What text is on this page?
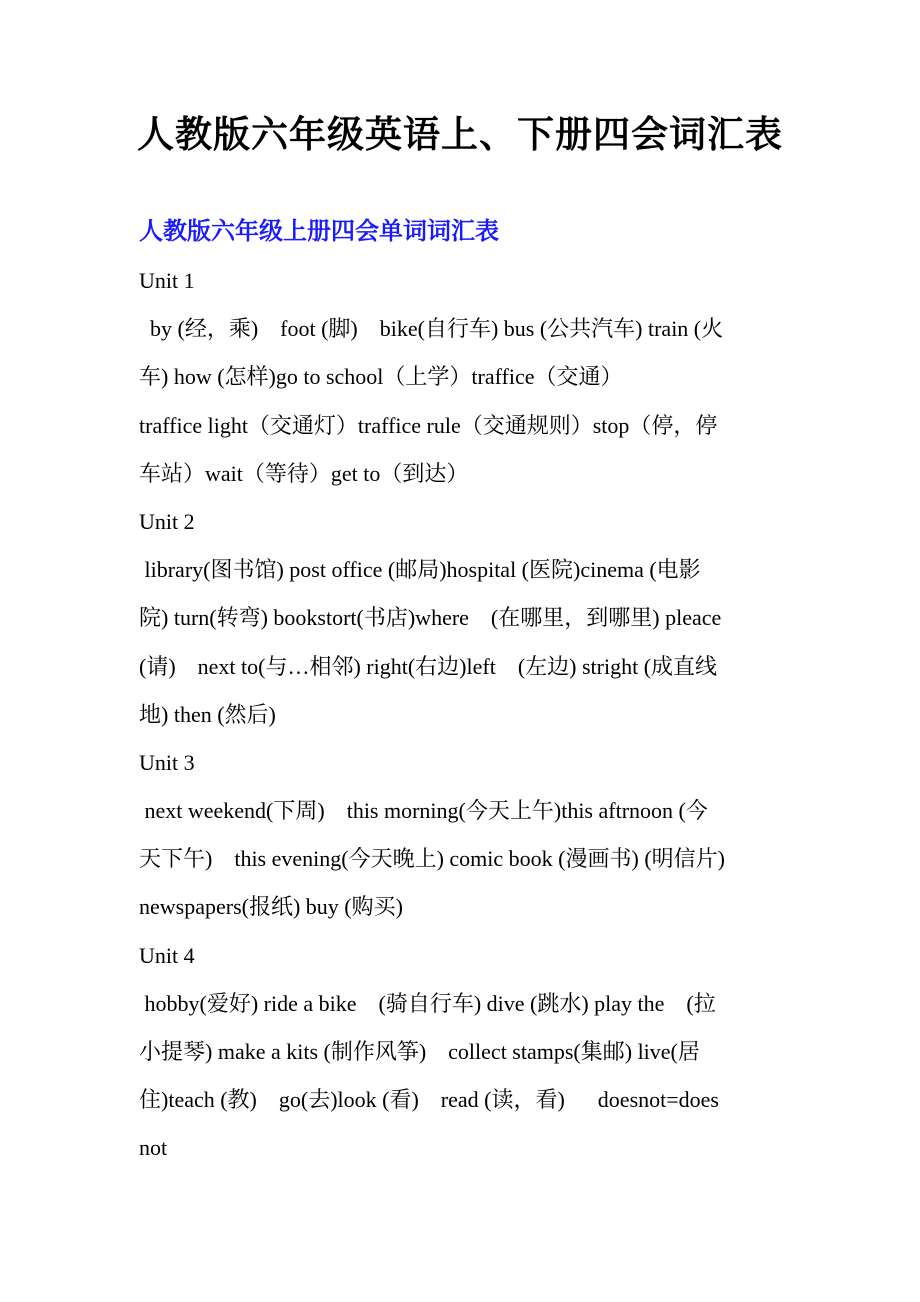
人教版六年级英语上、下册四会词汇表
人教版六年级上册四会单词词汇表
Unit 1
by (经，乘)    foot (脚)    bike(自行车) bus (公共汽车) train (火
车) how (怎样)go to school（上学）traffice（交通）
traffice light（交通灯）traffice rule（交通规则）stop（停，停
车站）wait（等待）get to（到达）
Unit 2
library(图书馆) post office (邮局)hospital (医院)cinema (电影
院) turn(转弯) bookstort(书店)where    (在哪里，到哪里) pleace
(请)    next to(与…相邻) right(右边)left    (左边) stright (成直线
地) then (然后)
Unit 3
next weekend(下周)    this morning(今天上午)this aftrnoon (今
天下午)    this evening(今天晚上) comic book (漫画书) (明信片)
newspapers(报纸) buy (购买)
Unit 4
hobby(爱好) ride a bike    (骑自行车) dive (跳水) play the    (拉
小提琴) make a kits (制作风筝)    collect stamps(集邮) live(居
住)teach (教)    go(去)look (看)    read (读，看)      doesnot=does
not
